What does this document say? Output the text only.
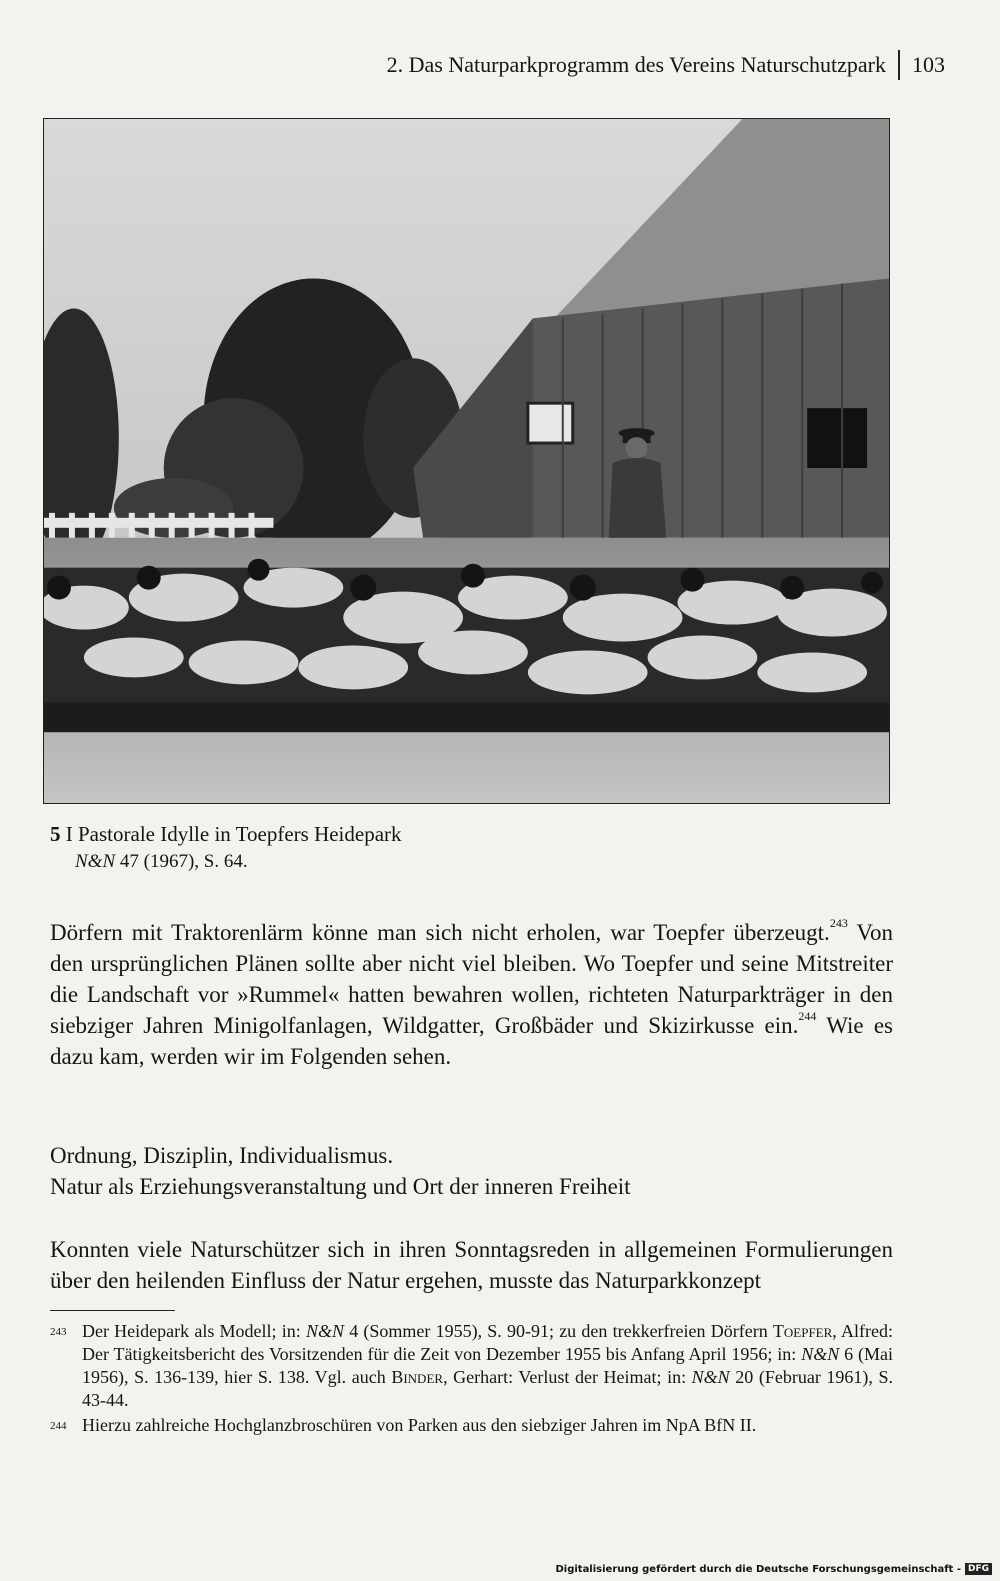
2. Das Naturparkprogramm des Vereins Naturschutzpark 103
5 I Pastorale Idylle in Toepfers Heidepark
N&N 47 (1967), S. 64.

Dörfern mit Traktorenlärm könne man sich nicht erholen, war Toepfer überzeugt.$^{243}$ Von den ursprünglichen Plänen sollte aber nicht viel bleiben. Wo Toepfer und seine Mitstreiter die Landschaft vor »Rummel« hatten bewahren wollen, richteten Naturparkträger in den siebziger Jahren Minigolfanlagen, Wildgatter, Großbäder und Skizirkusse ein.$^{244}$ Wie es dazu kam, werden wir im Folgenden sehen.

Ordnung, Disziplin, Individualismus.
Natur als Erziehungsveranstaltung und Ort der inneren Freiheit

Konnten viele Naturschützer sich in ihren Sonntagsreden in allgemeinen Formulierungen über den heilenden Einfluss der Natur ergehen, musste das Naturparkkonzept

243 Der Heidepark als Modell; in: N&N 4 (Sommer 1955), S. 90-91; zu den trekkerfreien Dörfern Toepfer, Alfred: Der Tätigkeitsbericht des Vorsitzenden für die Zeit von Dezember 1955 bis Anfang April 1956; in: N&N 6 (Mai 1956), S. 136-139, hier S. 138. Vgl. auch Binder, Gerhart: Verlust der Heimat; in: N&N 20 (Februar 1961), S. 43-44.
244 Hierzu zahlreiche Hochglanzbroschüren von Parken aus den siebziger Jahren im NpA BfN II.
Digitalisierung gefördert durch die Deutsche Forschungsgemeinschaft - DFG
